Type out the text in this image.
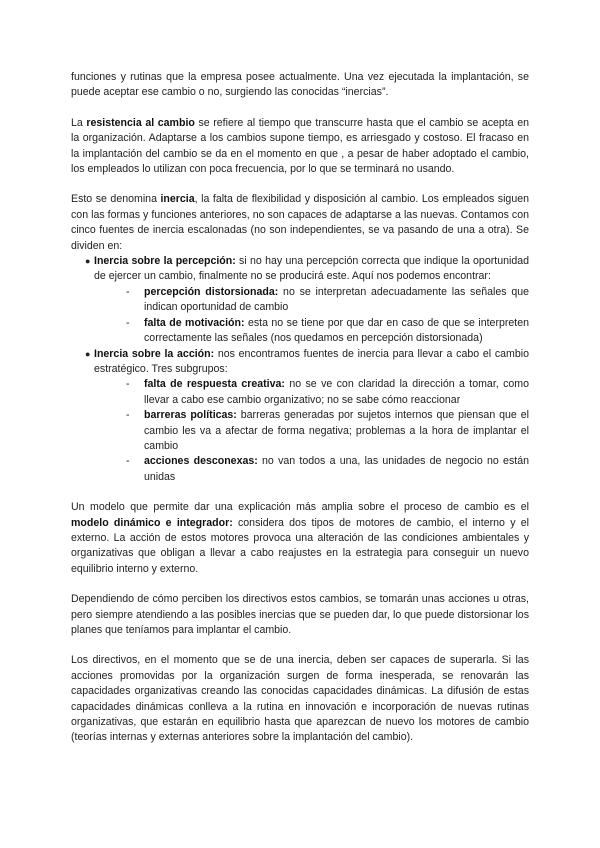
funciones y rutinas que la empresa posee actualmente. Una vez ejecutada la implantación, se puede aceptar ese cambio o no, surgiendo las conocidas “inercias”.

La resistencia al cambio se refiere al tiempo que transcurre hasta que el cambio se acepta en la organización. Adaptarse a los cambios supone tiempo, es arriesgado y costoso. El fracaso en la implantación del cambio se da en el momento en que , a pesar de haber adoptado el cambio, los empleados lo utilizan con poca frecuencia, por lo que se terminará no usando.

Esto se denomina inercia, la falta de flexibilidad y disposición al cambio. Los empleados siguen con las formas y funciones anteriores, no son capaces de adaptarse a las nuevas. Contamos con cinco fuentes de inercia escalonadas (no son independientes, se va pasando de una a otra). Se dividen en:

● Inercia sobre la percepción: si no hay una percepción correcta que indique la oportunidad de ejercer un cambio, finalmente no se producirá este. Aquí nos podemos encontrar:
- percepción distorsionada: no se interpretan adecuadamente las señales que indican oportunidad de cambio
- falta de motivación: esta no se tiene por que dar en caso de que se interpreten correctamente las señales (nos quedamos en percepción distorsionada)
● Inercia sobre la acción: nos encontramos fuentes de inercia para llevar a cabo el cambio estratégico. Tres subgrupos:
- falta de respuesta creativa: no se ve con claridad la dirección a tomar, como llevar a cabo ese cambio organizativo; no se sabe cómo reaccionar
- barreras políticas: barreras generadas por sujetos internos que piensan que el cambio les va a afectar de forma negativa; problemas a la hora de implantar el cambio
- acciones desconexas: no van todos a una, las unidades de negocio no están unidas

Un modelo que permite dar una explicación más amplia sobre el proceso de cambio es el modelo dinámico e integrador: considera dos tipos de motores de cambio, el interno y el externo. La acción de estos motores provoca una alteración de las condiciones ambientales y organizativas que obligan a llevar a cabo reajustes en la estrategia para conseguir un nuevo equilibrio interno y externo.

Dependiendo de cómo perciben los directivos estos cambios, se tomarán unas acciones u otras, pero siempre atendiendo a las posibles inercias que se pueden dar, lo que puede distorsionar los planes que teníamos para implantar el cambio.

Los directivos, en el momento que se de una inercia, deben ser capaces de superarla. Si las acciones promovidas por la organización surgen de forma inesperada, se renovarán las capacidades organizativas creando las conocidas capacidades dinámicas. La difusión de estas capacidades dinámicas conlleva a la rutina en innovación e incorporación de nuevas rutinas organizativas, que estarán en equilibrio hasta que aparezcan de nuevo los motores de cambio (teorías internas y externas anteriores sobre la implantación del cambio).
